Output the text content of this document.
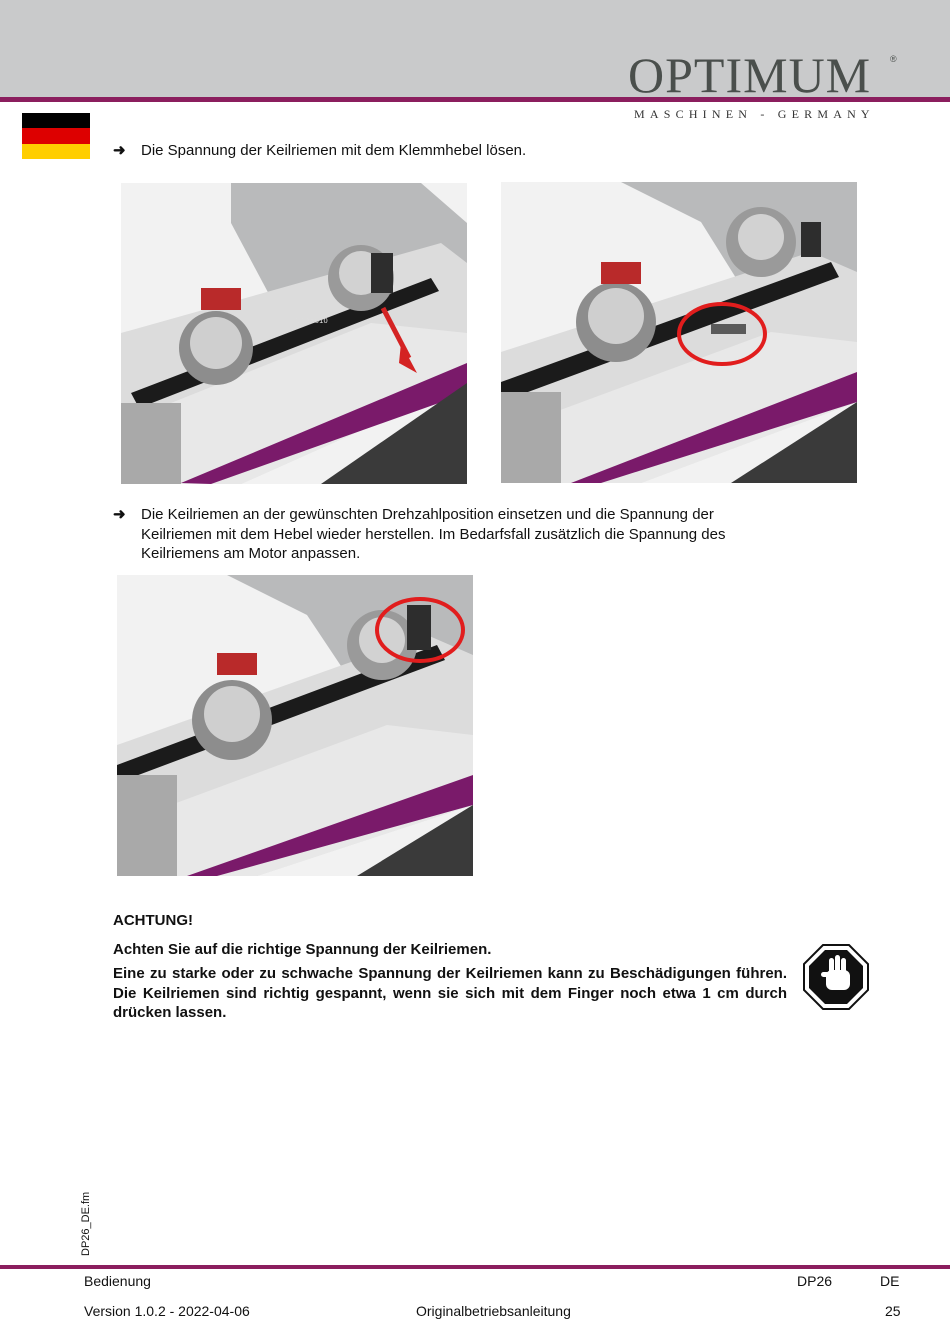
OPTIMUM ®
MASCHINEN - GERMANY
➜	Die Spannung der Keilriemen mit dem Klemmhebel lösen.
V13X610
➜	Die Keilriemen an der gewünschten Drehzahlposition einsetzen und die Spannung der Keilriemen mit dem Hebel wieder herstellen. Im Bedarfsfall zusätzlich die Spannung des Keilriemens am Motor anpassen.
ACHTUNG!
Achten Sie auf die richtige Spannung der Keilriemen.
Eine zu starke oder zu schwache Spannung der Keilriemen kann zu Beschädigungen führen. Die Keilriemen sind richtig gespannt, wenn sie sich mit dem Finger noch etwa 1 cm durch drücken lassen.
DP26_DE.fm
Bedienung	DP26	DE
Version 1.0.2 - 2022-04-06	Originalbetriebsanleitung	25
